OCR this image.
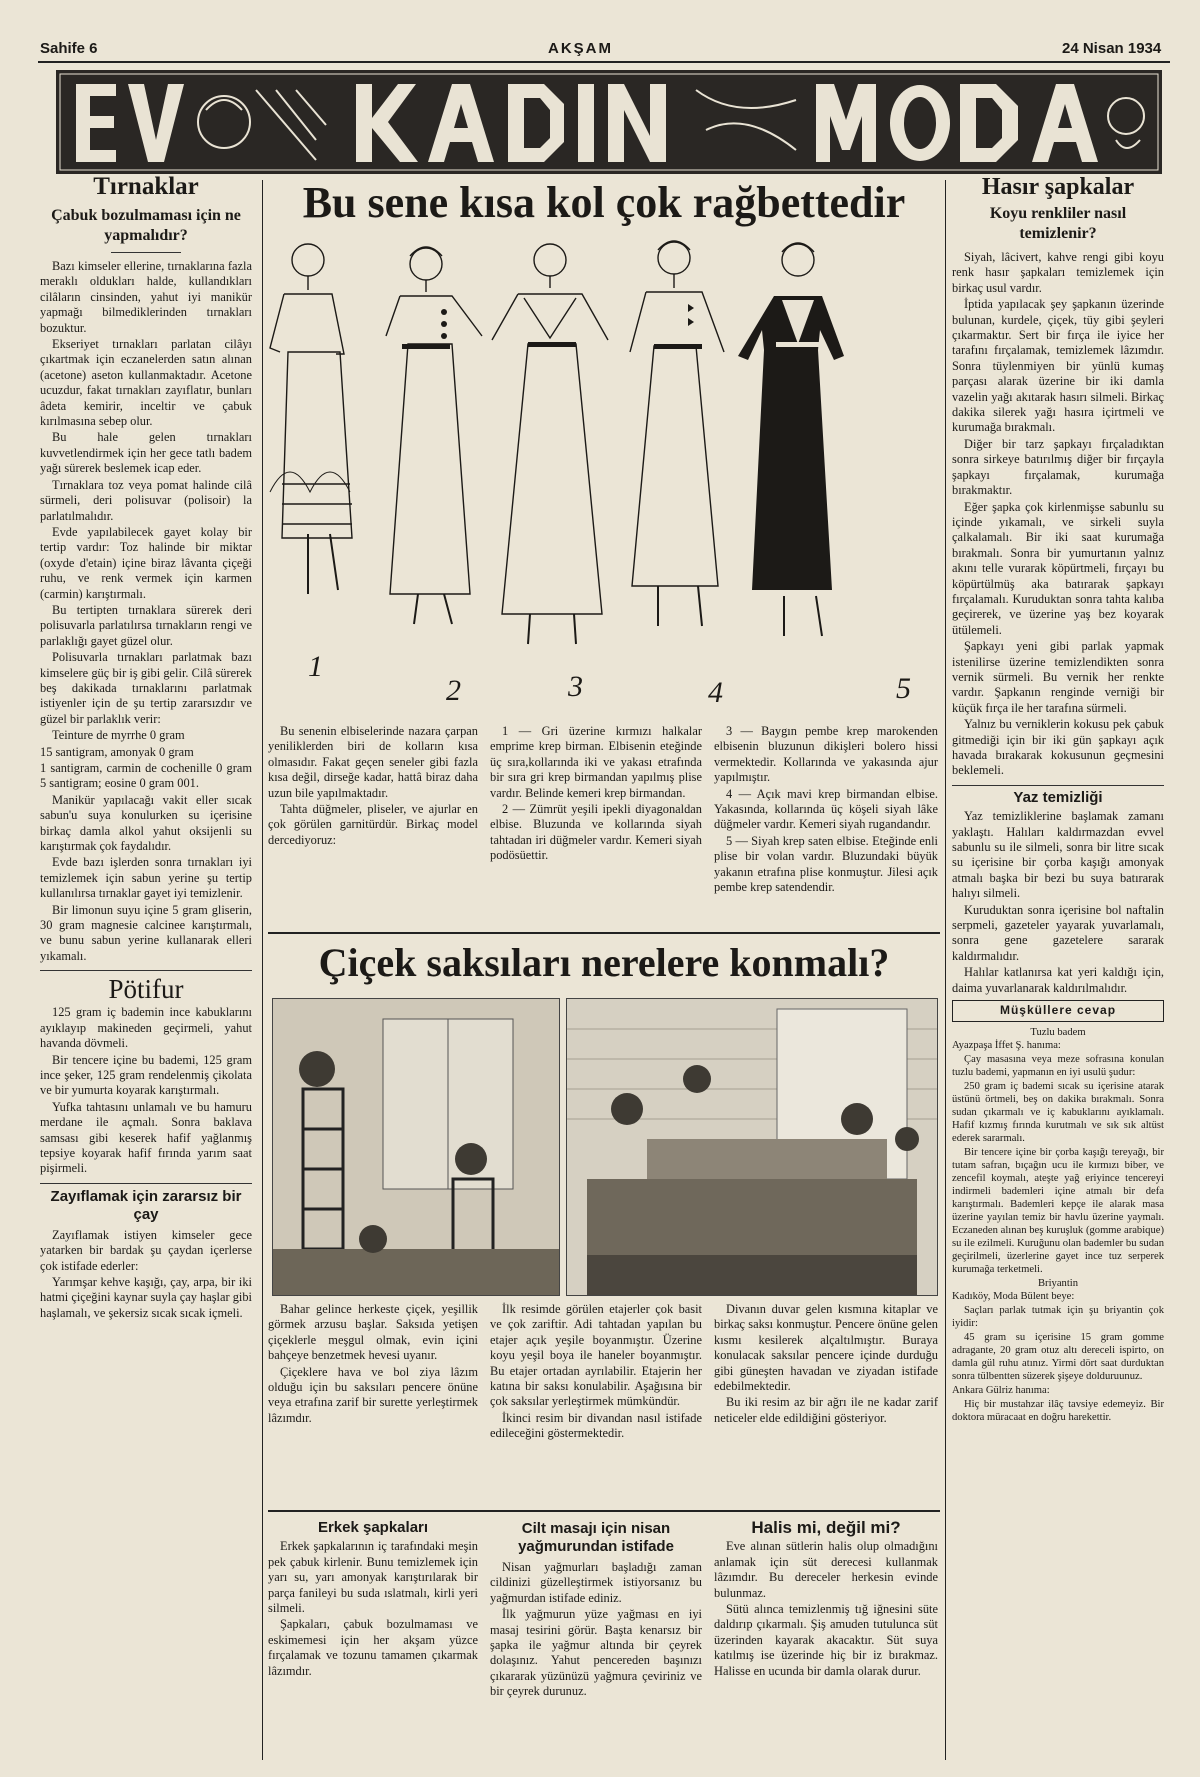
Sahife 6	AKŞAM	24 Nisan 1934
Tırnaklar
Çabuk bozulmaması için ne yapmalıdır?

Bazı kimseler ellerine, tırnaklarına fazla meraklı oldukları halde, kullandıkları cilâların cinsinden, yahut iyi manikür yapmağı bilmediklerinden tırnakları bozuktur.

Ekseriyet tırnakları parlatan cilâyı çıkartmak için eczanelerden satın alınan (acetone) aseton kullanmaktadır. Acetone ucuzdur, fakat tırnakları zayıflatır, bunları âdeta kemirir, inceltir ve çabuk kırılmasına sebep olur.

Bu hale gelen tırnakları kuvvetlendirmek için her gece tatlı badem yağı sürerek beslemek icap eder.

Tırnaklara toz veya pomat halinde cilâ sürmeli, deri polisuvar (polisoir) la parlatılmalıdır.

Evde yapılabilecek gayet kolay bir tertip vardır: Toz halinde bir miktar (oxyde d'etain) içine biraz lâvanta çiçeği ruhu, ve renk vermek için karmen (carmin) karıştırmalı.

Bu tertipten tırnaklara sürerek deri polisuvarla parlatılırsa tırnakların rengi ve parlaklığı gayet güzel olur.

Polisuvarla tırnakları parlatmak bazı kimselere güç bir iş gibi gelir. Cilâ sürerek beş dakikada tırnaklarını parlatmak istiyenler için de şu tertip zararsızdır ve güzel bir parlaklık verir:

Teinture de myrrhe 0 gram

15 santigram, amonyak 0 gram

1 santigram, carmin de cochenille 0 gram 5 santigram; eosine 0 gram 001.

Manikür yapılacağı vakit eller sıcak sabun'u suya konulurken su içerisine birkaç damla alkol yahut oksijenli su karıştırmak çok faydalıdır.

Evde bazı işlerden sonra tırnakları iyi temizlemek için sabun yerine şu tertip kullanılırsa tırnaklar gayet iyi temizlenir.

Bir limonun suyu içine 5 gram gliserin, 30 gram magnesie calcinee karıştırmalı, ve bunu sabun yerine kullanarak elleri yıkamalı.

Pötifur

125 gram iç bademin ince kabuklarını ayıklayıp makineden geçirmeli, yahut havanda dövmeli.

Bir tencere içine bu bademi, 125 gram ince şeker, 125 gram rendelenmiş çikolata ve bir yumurta koyarak karıştırmalı.

Yufka tahtasını unlamalı ve bu hamuru merdane ile açmalı. Sonra baklava samsası gibi keserek hafif yağlanmış tepsiye koyarak hafif fırında yarım saat pişirmeli.

Zayıflamak için zararsız bir çay

Zayıflamak istiyen kimseler gece yatarken bir bardak şu çaydan içerlerse çok istifade ederler:

Yarımşar kehve kaşığı, çay, arpa, bir iki hatmi çiçeğini kaynar suyla çay haşlar gibi haşlamalı, ve şekersiz sıcak sıcak içmeli.

Bu sene kısa kol çok rağbettedir
1
2	3	4	5

Bu senenin elbiselerinde nazara çarpan yeniliklerden biri de kolların kısa olmasıdır. Fakat geçen seneler gibi fazla kısa değil, dirseğe kadar, hattâ biraz daha uzun bile yapılmaktadır.

Tahta düğmeler, pliseler, ve ajurlar en çok görülen garnitürdür. Birkaç model dercediyoruz:

1 — Gri üzerine kırmızı halkalar emprime krep birman. Elbisenin eteğinde üç sıra,kollarında iki ve yakası etrafında bir sıra gri krep birmandan yapılmış plise vardır. Belinde kemeri krep birmandan.

2 — Zümrüt yeşili ipekli diyagonaldan elbise. Bluzunda ve kollarında siyah tahtadan iri düğmeler vardır. Kemeri siyah podösüettir.

3 — Baygın pembe krep marokenden elbisenin bluzunun dikişleri bolero hissi vermektedir. Kollarında ve yakasında ajur yapılmıştır.

4 — Açık mavi krep birmandan elbise. Yakasında, kollarında üç köşeli siyah lâke düğmeler vardır. Kemeri siyah rugandandır.

5 — Siyah krep saten elbise. Eteğinde enli plise bir volan vardır. Bluzundaki büyük yakanın etrafına plise konmuştur. Jilesi açık pembe krep satendendir.

Çiçek saksıları nerelere konmalı?

Bahar gelince herkeste çiçek, yeşillik görmek arzusu başlar. Saksıda yetişen çiçeklerle meşgul olmak, evin içini bahçeye benzetmek hevesi uyanır.

Çiçeklere hava ve bol ziya lâzım olduğu için bu saksıları pencere önüne veya etrafına zarif bir surette yerleştirmek lâzımdır.

İlk resimde görülen etajerler çok basit ve çok zariftir. Adi tahtadan yapılan bu etajer açık yeşile boyanmıştır. Üzerine koyu yeşil boya ile haneler boyanmıştır. Bu etajer ortadan ayrılabilir. Etajerin her katına bir saksı konulabilir. Aşağısına bir çok saksılar yerleştirmek mümkündür.

İkinci resim bir divandan nasıl istifade edileceğini göstermektedir.

Divanın duvar gelen kısmına kitaplar ve birkaç saksı konmuştur. Pencere önüne gelen kısmı kesilerek alçaltılmıştır. Buraya konulacak saksılar pencere içinde durduğu gibi güneşten havadan ve ziyadan istifade edebilmektedir.

Bu iki resim az bir ağrı ile ne kadar zarif neticeler elde edildiğini gösteriyor.

Erkek şapkaları

Erkek şapkalarının iç tarafındaki meşin pek çabuk kirlenir. Bunu temizlemek için yarı su, yarı amonyak karıştırılarak bir parça fanileyi bu suda ıslatmalı, kirli yeri silmeli.

Şapkaları, çabuk bozulmaması ve eskimemesi için her akşam yüzce fırçalamak ve tozunu tamamen çıkarmak lâzımdır.

Cilt masajı için nisan yağmurundan istifade

Nisan yağmurları başladığı zaman cildinizi güzelleştirmek istiyorsanız bu yağmurdan istifade ediniz.

İlk yağmurun yüze yağması en iyi masaj tesirini görür. Başta kenarsız bir şapka ile yağmur altında bir çeyrek dolaşınız. Yahut pencereden başınızı çıkararak yüzünüzü yağmura çeviriniz ve bir çeyrek durunuz.

Halis mi, değil mi?

Eve alınan sütlerin halis olup olmadığını anlamak için süt derecesi kullanmak lâzımdır. Bu dereceler herkesin evinde bulunmaz.

Sütü alınca temizlenmiş tığ iğnesini süte daldırıp çıkarmalı. Şiş amuden tutulunca süt üzerinden kayarak akacaktır. Süt suya katılmış ise üzerinde hiç bir iz bırakmaz. Halisse en ucunda bir damla olarak durur.

Hasır şapkalar
Koyu renkliler nasıl temizlenir?

Siyah, lâcivert, kahve rengi gibi koyu renk hasır şapkaları temizlemek için birkaç usul vardır.

İptida yapılacak şey şapkanın üzerinde bulunan, kurdele, çiçek, tüy gibi şeyleri çıkarmaktır. Sert bir fırça ile iyice her tarafını fırçalamak, temizlemek lâzımdır. Sonra tüylenmiyen bir yünlü kumaş parçası alarak üzerine bir iki damla vazelin yağı akıtarak hasırı silmeli. Birkaç dakika silerek yağı hasıra içirtmeli ve kurumağa bırakmalı.

Diğer bir tarz şapkayı fırçaladıktan sonra sirkeye batırılmış diğer bir fırçayla şapkayı fırçalamak, kurumağa bırakmaktır.

Eğer şapka çok kirlenmişse sabunlu su içinde yıkamalı, ve sirkeli suyla çalkalamalı. Bir iki saat kurumağa bırakmalı. Sonra bir yumurtanın yalnız akını telle vurarak köpürtmeli, fırçayı bu köpürtülmüş aka batırarak şapkayı fırçalamalı. Kuruduktan sonra tahta kalıba geçirerek, ve üzerine yaş bez koyarak ütülemeli.

Şapkayı yeni gibi parlak yapmak istenilirse üzerine temizlendikten sonra vernik sürmeli. Bu vernik her renkte vardır. Şapkanın renginde verniği bir küçük fırça ile her tarafına sürmeli.

Yalnız bu verniklerin kokusu pek çabuk gitmediği için bir iki gün şapkayı açık havada bırakarak kokusunun geçmesini beklemeli.

Yaz temizliği

Yaz temizliklerine başlamak zamanı yaklaştı. Halıları kaldırmazdan evvel sabunlu su ile silmeli, sonra bir litre sıcak su içerisine bir çorba kaşığı amonyak atmalı başka bir bezi bu suya batırarak halıyı silmeli.

Kuruduktan sonra içerisine bol naftalin serpmeli, gazeteler yayarak yuvarlamalı, sonra gene gazetelere sararak kaldırmalıdır.

Halılar katlanırsa kat yeri kaldığı için, daima yuvarlanarak kaldırılmalıdır.

Müşküllere cevap
Tuzlu badem

Ayazpaşa İffet Ş. hanıma:

Çay masasına veya meze sofrasına konulan tuzlu bademi, yapmanın en iyi usulü şudur:

250 gram iç bademi sıcak su içerisine atarak üstünü örtmeli, beş on dakika bırakmalı. Sonra sudan çıkarmalı ve iç kabuklarını ayıklamalı. Hafif kızmış fırında kurutmalı ve sık sık altüst ederek sararmalı.

Bir tencere içine bir çorba kaşığı tereyağı, bir tutam safran, bıçağın ucu ile kırmızı biber, ve zencefil koymalı, ateşte yağ eriyince tencereyi indirmeli bademleri içine atmalı bir defa karıştırmalı. Bademleri kepçe ile alarak masa üzerine yayılan temiz bir havlu üzerine yaymalı. Eczaneden alınan beş kuruşluk (gomme arabique) su ile ezilmeli. Kuruğunu olan bademler bu sudan geçirilmeli, üzerlerine gayet ince tuz serperek kurumağa terketmeli.

Briyantin

Kadıköy, Moda Bülent beye:

Saçları parlak tutmak için şu briyantin çok iyidir:

45 gram su içerisine 15 gram gomme adragante, 20 gram otuz altı dereceli ispirto, on damla gül ruhu atınız. Yirmi dört saat durduktan sonra tülbentten süzerek şişeye dolduruunuz.

Ankara Gülriz hanıma:

Hiç bir mustahzar ilâç tavsiye edemeyiz. Bir doktora müracaat en doğru harekettir.
